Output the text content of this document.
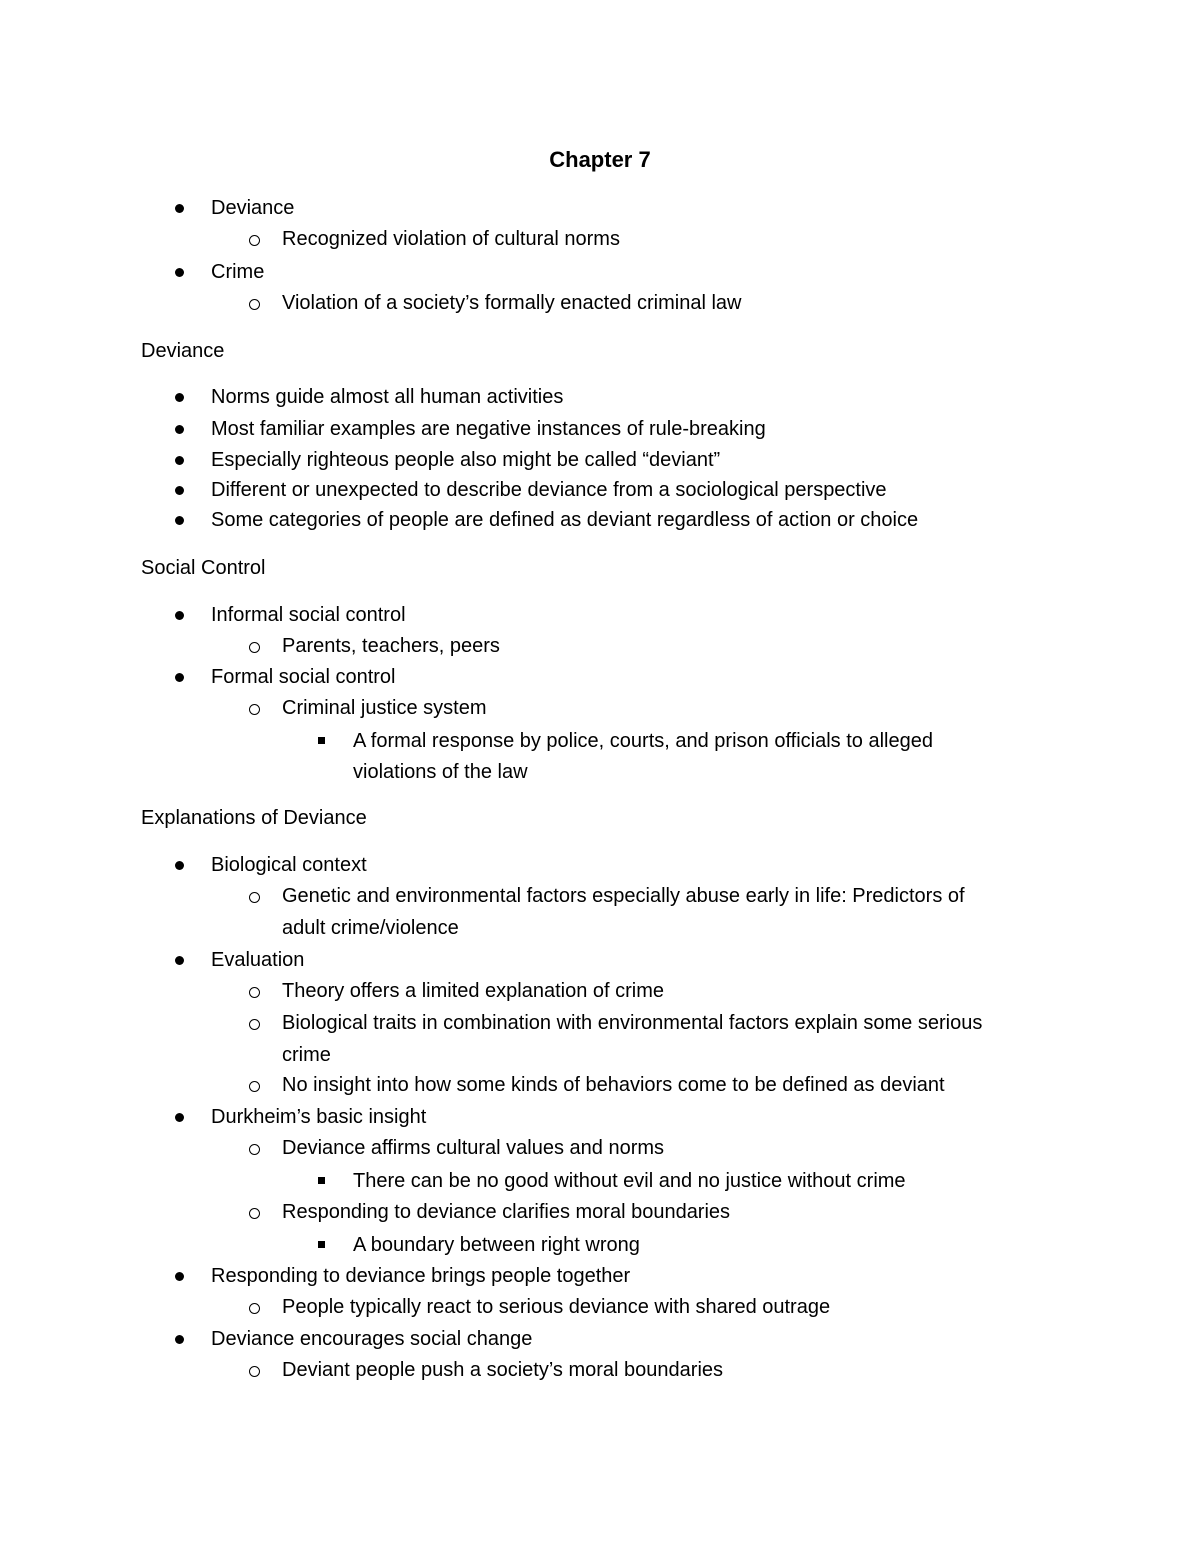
Chapter 7
Deviance
Recognized violation of cultural norms
Crime
Violation of a society’s formally enacted criminal law
Deviance
Norms guide almost all human activities
Most familiar examples are negative instances of rule-breaking
Especially righteous people also might be called “deviant”
Different or unexpected to describe deviance from a sociological perspective
Some categories of people are defined as deviant regardless of action or choice
Social Control
Informal social control
Parents, teachers, peers
Formal social control
Criminal justice system
A formal response by police, courts, and prison officials to alleged
violations of the law
Explanations of Deviance
Biological context
Genetic and environmental factors especially abuse early in life: Predictors of
adult crime/violence
Evaluation
Theory offers a limited explanation of crime
Biological traits in combination with environmental factors explain some serious
crime
No insight into how some kinds of behaviors come to be defined as deviant
Durkheim’s basic insight
Deviance affirms cultural values and norms
There can be no good without evil and no justice without crime
Responding to deviance clarifies moral boundaries
A boundary between right wrong
Responding to deviance brings people together
People typically react to serious deviance with shared outrage
Deviance encourages social change
Deviant people push a society’s moral boundaries
